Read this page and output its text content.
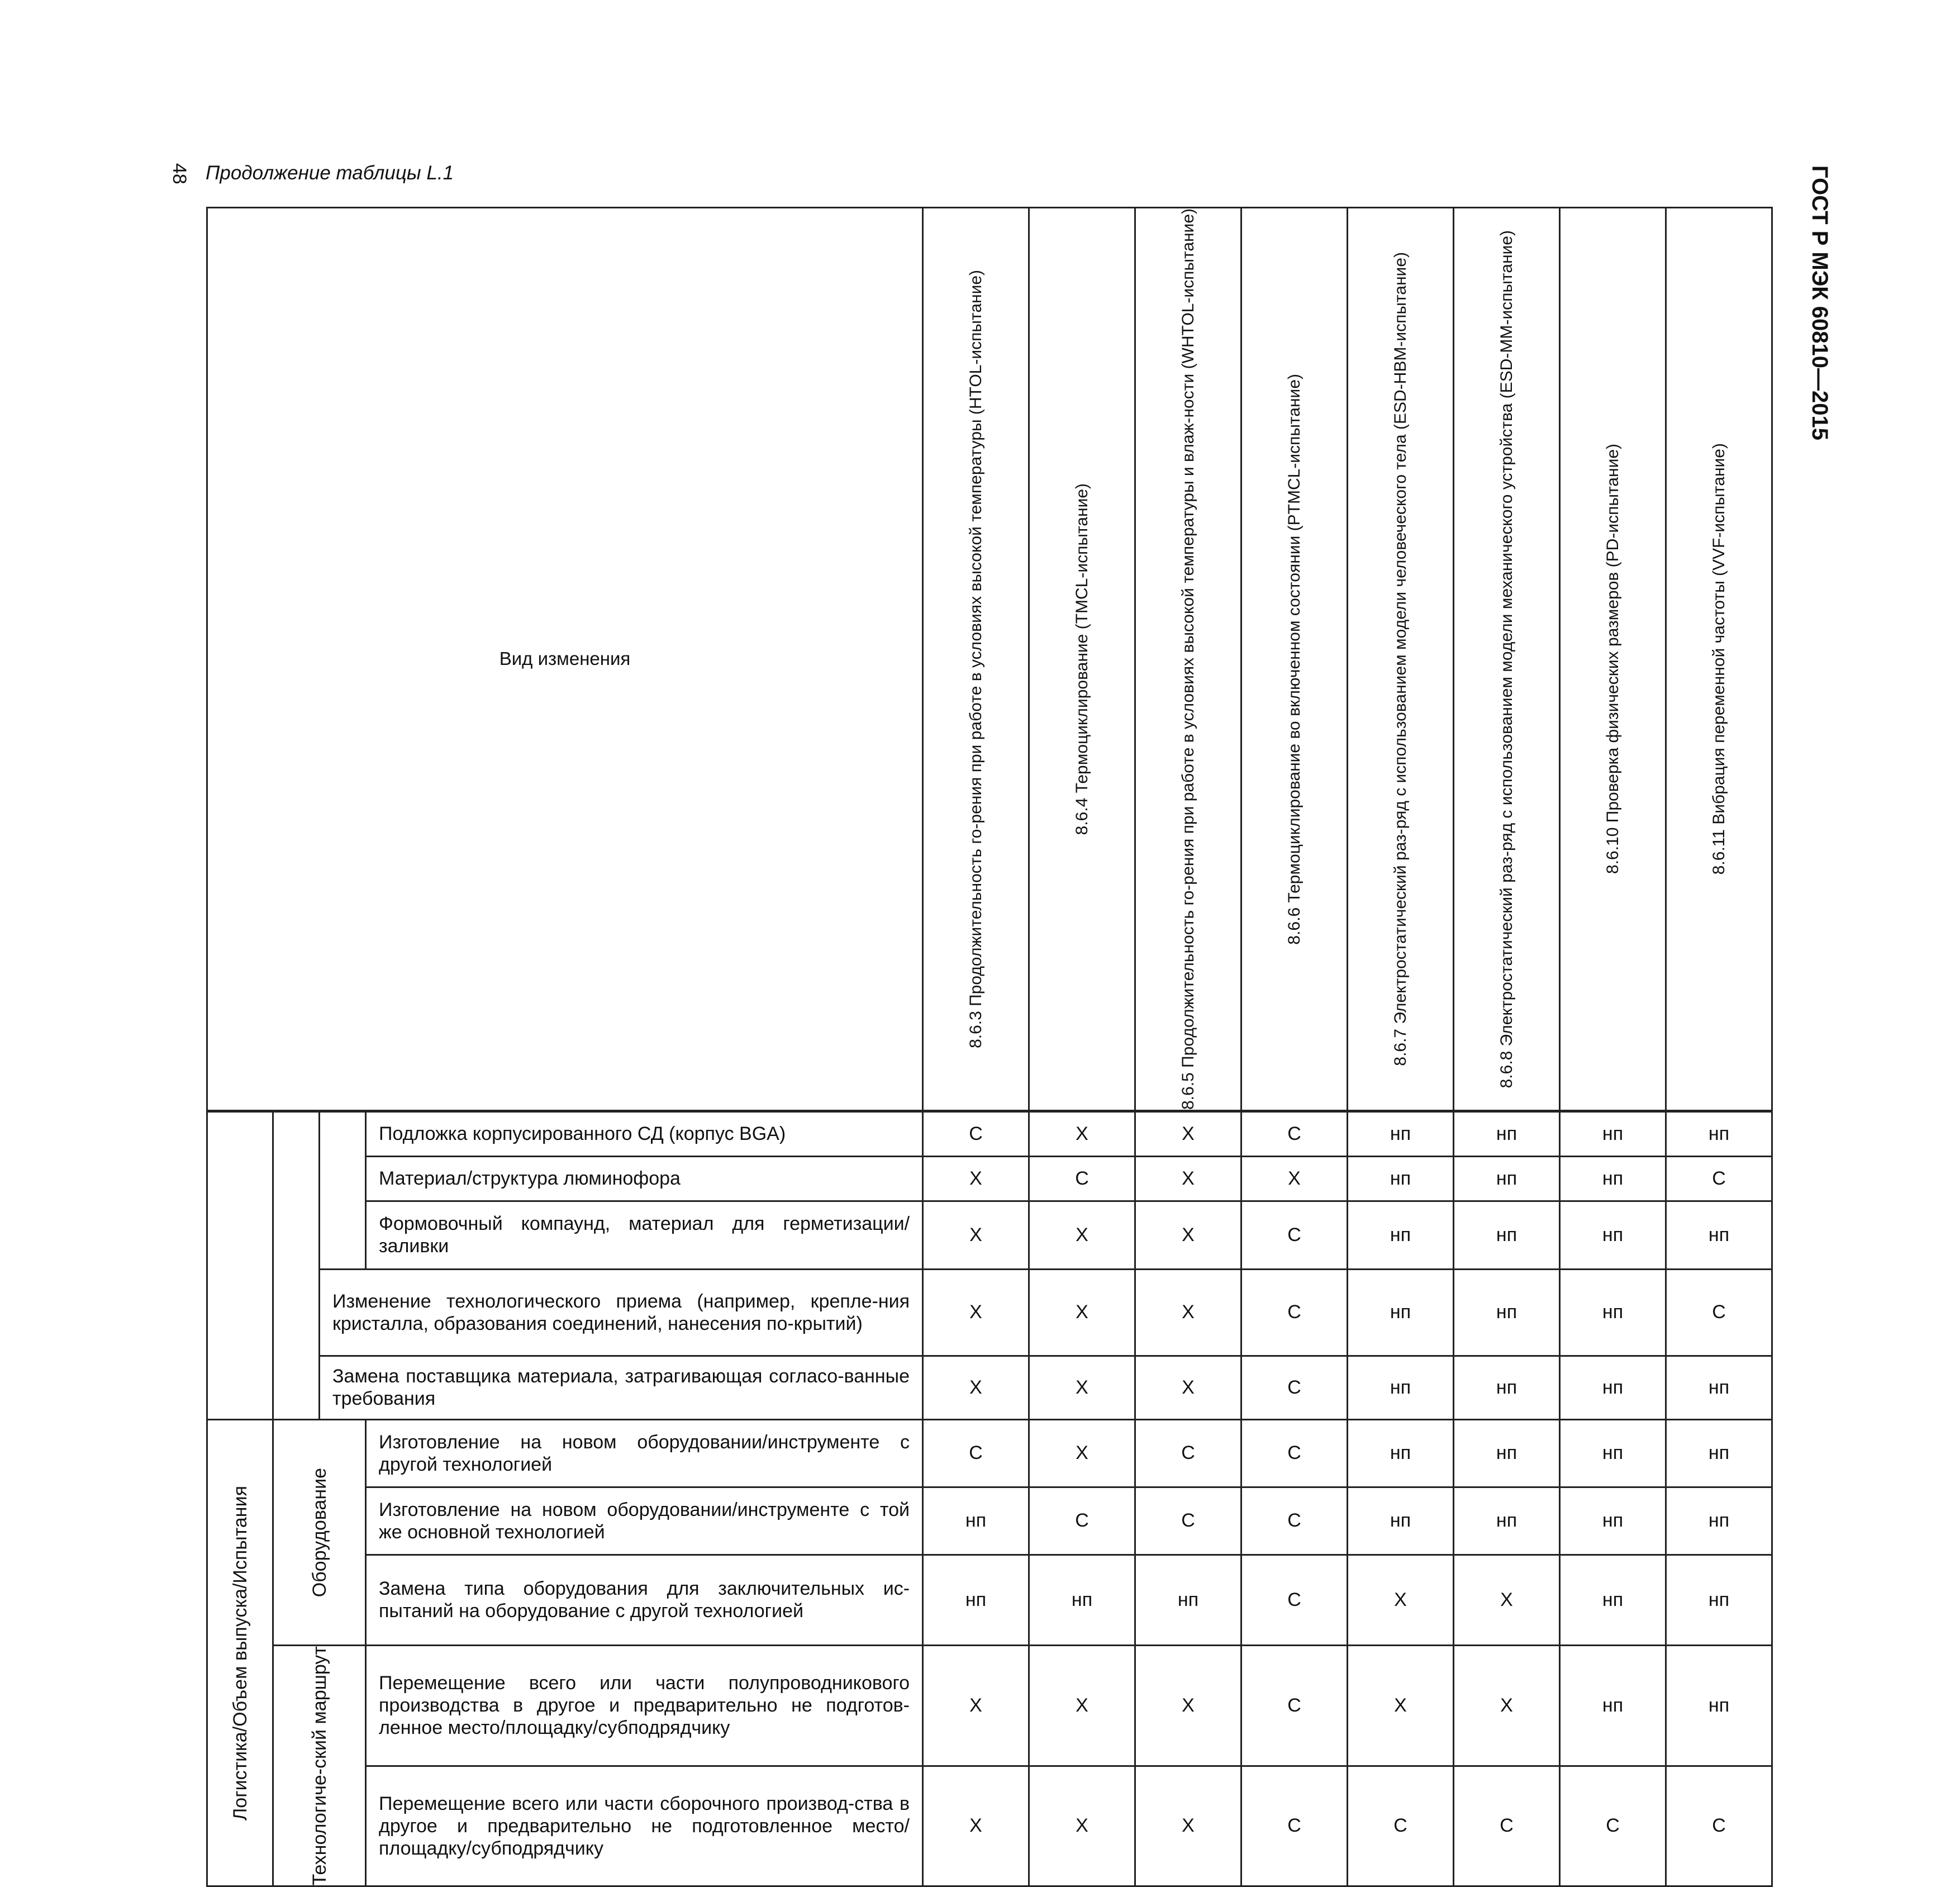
48 Продолжение таблицы L.1	ГОСТ Р МЭК 60810—2015
Вид изменения				8.6.3 Продолжительность го-рения при работе в условиях высокой температуры (HTOL-испытание)	8.6.4 Термоциклирование (TMCL-испытание)	8.6.5 Продолжительность го-рения при работе в условиях высокой температуры и влаж-ности (WHTOL-испытание)	8.6.6 Термоциклирование во включенном состоянии (PTMCL-испытание)	8.6.7 Электростатический раз-ряд с использованием модели человеческого тела (ESD-HBM-испытание)	8.6.8 Электростатический раз-ряд с использованием модели механического устройства (ESD-MM-испытание)	8.6.10 Проверка физических размеров (PD-испытание)	8.6.11 Вибрация переменной частоты (VVF-испытание)

			Подложка корпусированного СД (корпус BGA)	С	Х	Х	С	нп	нп	нп	нп
			Материал/структура люминофора	Х	С	Х	Х	нп	нп	нп	С
			Формовочный компаунд, материал для герметизации/заливки	Х	Х	Х	С	нп	нп	нп	нп
		Изменение технологического приема (например, крепле-ния кристалла, образования соединений, нанесения по-крытий)		Х	Х	Х	С	нп	нп	нп	С
		Замена поставщика материала, затрагивающая согласо-ванные требования		Х	Х	Х	С	нп	нп	нп	нп

Логистика/Объем выпуска/Испытания	Оборудование		Изготовление на новом оборудовании/инструменте с другой технологией	С	Х	С	С	нп	нп	нп	нп
			Изготовление на новом оборудовании/инструменте с той же основной технологией	нп	С	С	С	нп	нп	нп	нп
			Замена типа оборудования для заключительных ис-пытаний на оборудование с другой технологией	нп	нп	нп	С	Х	Х	нп	нп

	Технологиче-ский маршрут		Перемещение всего или части полупроводникового производства в другое и предварительно не подготов-ленное место/площадку/субподрядчику	Х	Х	Х	С	Х	Х	нп	нп
			Перемещение всего или части сборочного производ-ства в другое и предварительно не подготовленное место/площадку/субподрядчику	Х	Х	Х	С	С	С	С	С
